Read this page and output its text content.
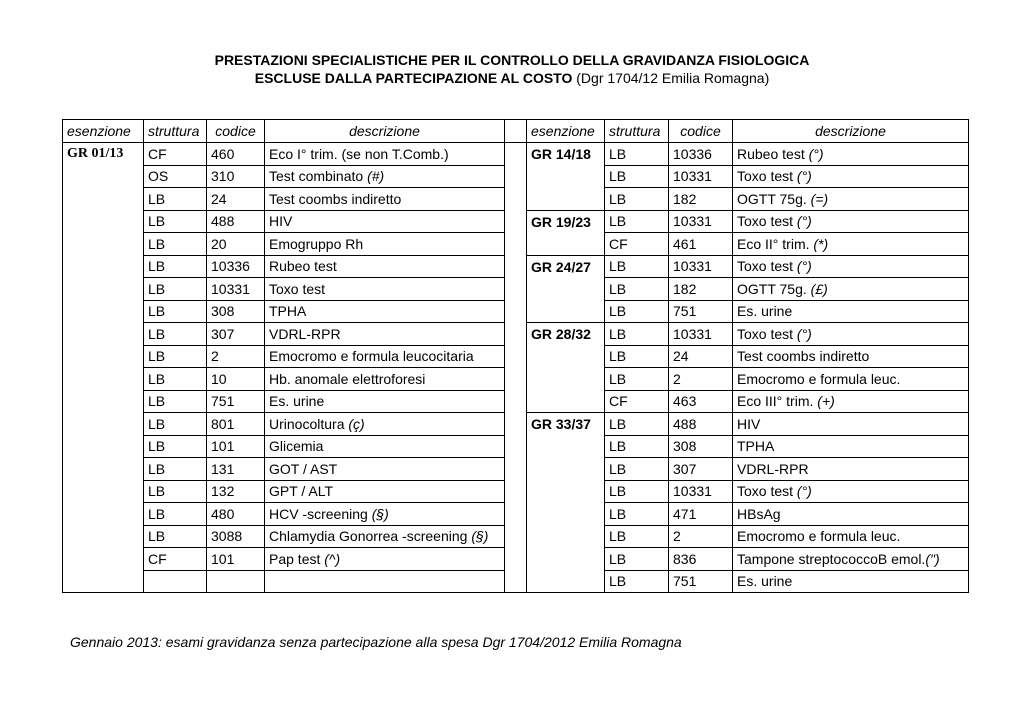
PRESTAZIONI SPECIALISTICHE PER IL CONTROLLO DELLA GRAVIDANZA FISIOLOGICA
ESCLUSE DALLA PARTECIPAZIONE AL COSTO (Dgr 1704/12 Emilia Romagna)
esenzione	struttura	codice	descrizione		esenzione	struttura	codice	descrizione
GR 01/13	CF	460	Eco I° trim. (se non T.Comb.)		GR 14/18	LB	10336	Rubeo test (°)
	OS	310	Test combinato (#)			LB	10331	Toxo test (°)
	LB	24	Test coombs indiretto			LB	182	OGTT 75g. (=)
	LB	488	HIV		GR 19/23	LB	10331	Toxo test (°)
	LB	20	Emogruppo Rh			CF	461	Eco II° trim. (*)
	LB	10336	Rubeo test		GR 24/27	LB	10331	Toxo test (°)
	LB	10331	Toxo test			LB	182	OGTT 75g. (£)
	LB	308	TPHA			LB	751	Es. urine
	LB	307	VDRL-RPR		GR 28/32	LB	10331	Toxo test (°)
	LB	2	Emocromo e formula leucocitaria			LB	24	Test coombs indiretto
	LB	10	Hb. anomale elettroforesi			LB	2	Emocromo e formula leuc.
	LB	751	Es. urine			CF	463	Eco III° trim. (+)
	LB	801	Urinocoltura (ç)		GR 33/37	LB	488	HIV
	LB	101	Glicemia			LB	308	TPHA
	LB	131	GOT / AST			LB	307	VDRL-RPR
	LB	132	GPT / ALT			LB	10331	Toxo test (°)
	LB	480	HCV -screening (§)			LB	471	HBsAg
	LB	3088	Chlamydia Gonorrea -screening (§)			LB	2	Emocromo e formula leuc.
	CF	101	Pap test (^)			LB	836	Tampone streptococcoB emol.(")
						LB	751	Es. urine
Gennaio 2013: esami gravidanza senza partecipazione alla spesa Dgr 1704/2012 Emilia Romagna
